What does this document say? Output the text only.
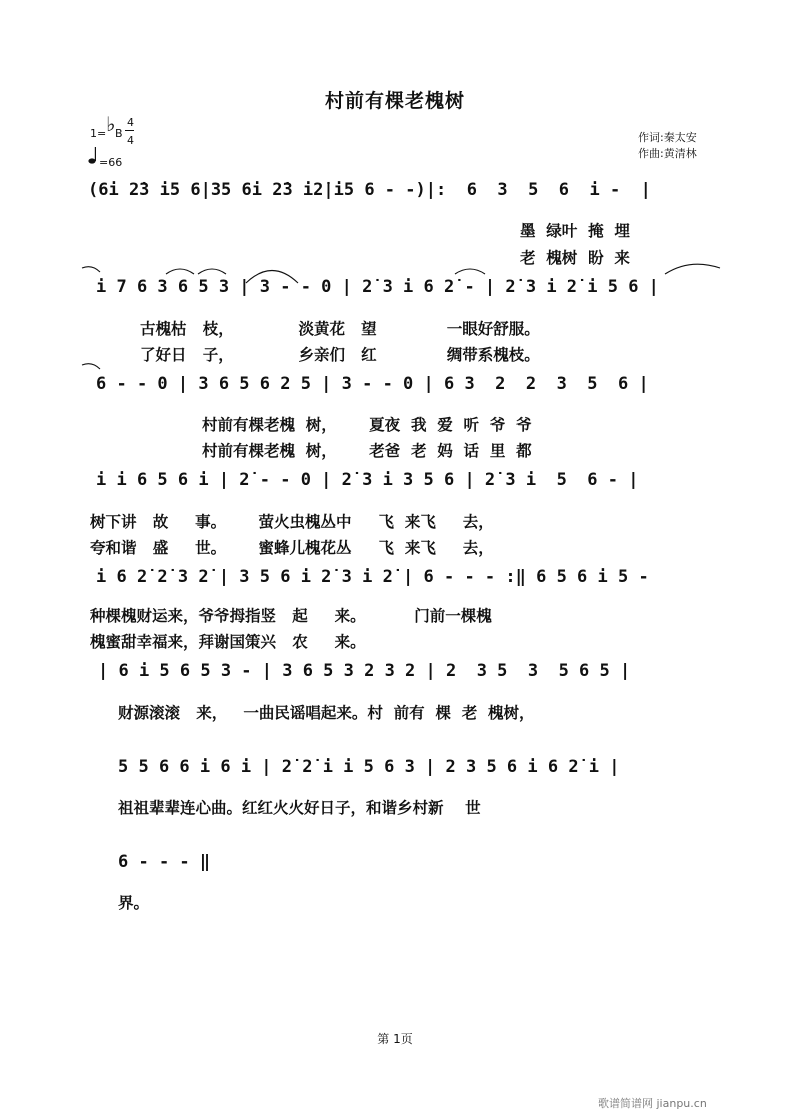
村前有棵老槐树
1= ♭ B
4
4
=66
作词:秦太安
作曲:黄清林
(6i 2̇3 i5 6|35 6i 2̇3 i2̇|i5 6 - -)|:  6  3  5  6  i -  |
墨  绿叶  掩  埋
老  槐树  盼  来
i 7 6 3 6 5 3 | 3 - - 0 | 2̇ 3 i 6 2̇ - | 2̇ 3 i 2̇ i 5 6 |
古槐枯   枝，            淡黄花   望             一眼好舒服。
了好日   子，            乡亲们   红             绸带系槐枝。
6 - - 0 | 3 6 5 6 2 5 | 3 - - 0 | 6 3  2  2  3  5  6 |
村前有棵老槐  树，      夏夜  我  爱  听  爷  爷
村前有棵老槐  树，      老爸  老  妈  话  里  都
i i 6 5 6 i | 2̇ - - 0 | 2̇ 3 i 3 5 6 | 2̇ 3 i  5  6 - |
树下讲   故     事。      萤火虫槐丛中     飞  来飞     去，
夸和谐   盛     世。      蜜蜂儿槐花丛     飞  来飞     去，
i 6 2̇ 2̇ 3 2̇ | 3 5 6 i 2̇ 3 i 2̇ | 6 - - - :‖ 6 5 6 i 5 -
种棵槐财运来，爷爷拇指竖   起     来。         门前一棵槐
槐蜜甜幸福来，拜谢国策兴   农     来。
| 6 i 5 6 5 3 - | 3 6 5 3 2 3 2 | 2  3 5  3  5 6 5 |
财源滚滚   来，   一曲民谣唱起来。村  前有  棵  老  槐树，
5 5 6 6 i 6 i | 2̇ 2̇ i i 5 6 3 | 2 3 5 6 i 6 2̇ i |
祖祖辈辈连心曲。红红火火好日子，和谐乡村新    世
6 - - - ‖
界。
第 1页
歌谱简谱网 jianpu.cn
